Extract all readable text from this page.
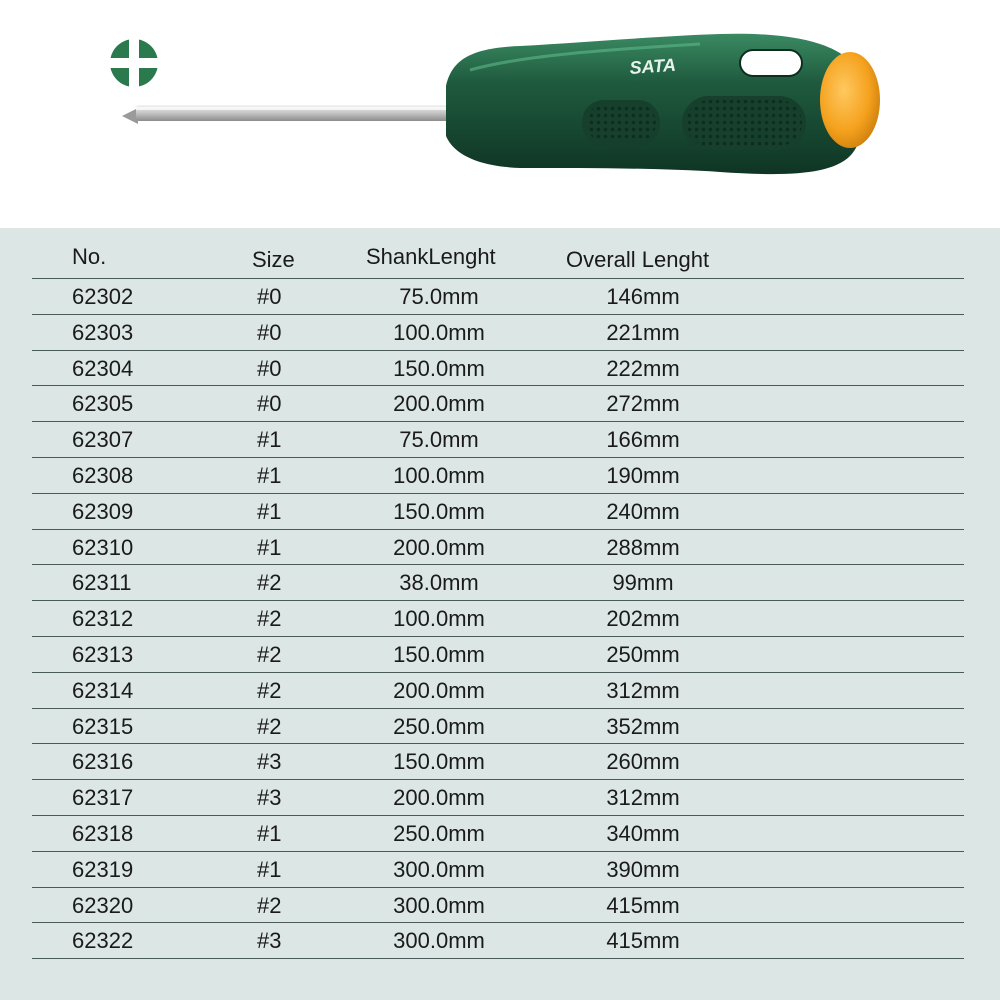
SATA
No.	Size	ShankLenght	Overall Lenght
62302	#0	75.0mm	146mm
62303	#0	100.0mm	221mm
62304	#0	150.0mm	222mm
62305	#0	200.0mm	272mm
62307	#1	75.0mm	166mm
62308	#1	100.0mm	190mm
62309	#1	150.0mm	240mm
62310	#1	200.0mm	288mm
62311	#2	38.0mm	99mm
62312	#2	100.0mm	202mm
62313	#2	150.0mm	250mm
62314	#2	200.0mm	312mm
62315	#2	250.0mm	352mm
62316	#3	150.0mm	260mm
62317	#3	200.0mm	312mm
62318	#1	250.0mm	340mm
62319	#1	300.0mm	390mm
62320	#2	300.0mm	415mm
62322	#3	300.0mm	415mm
